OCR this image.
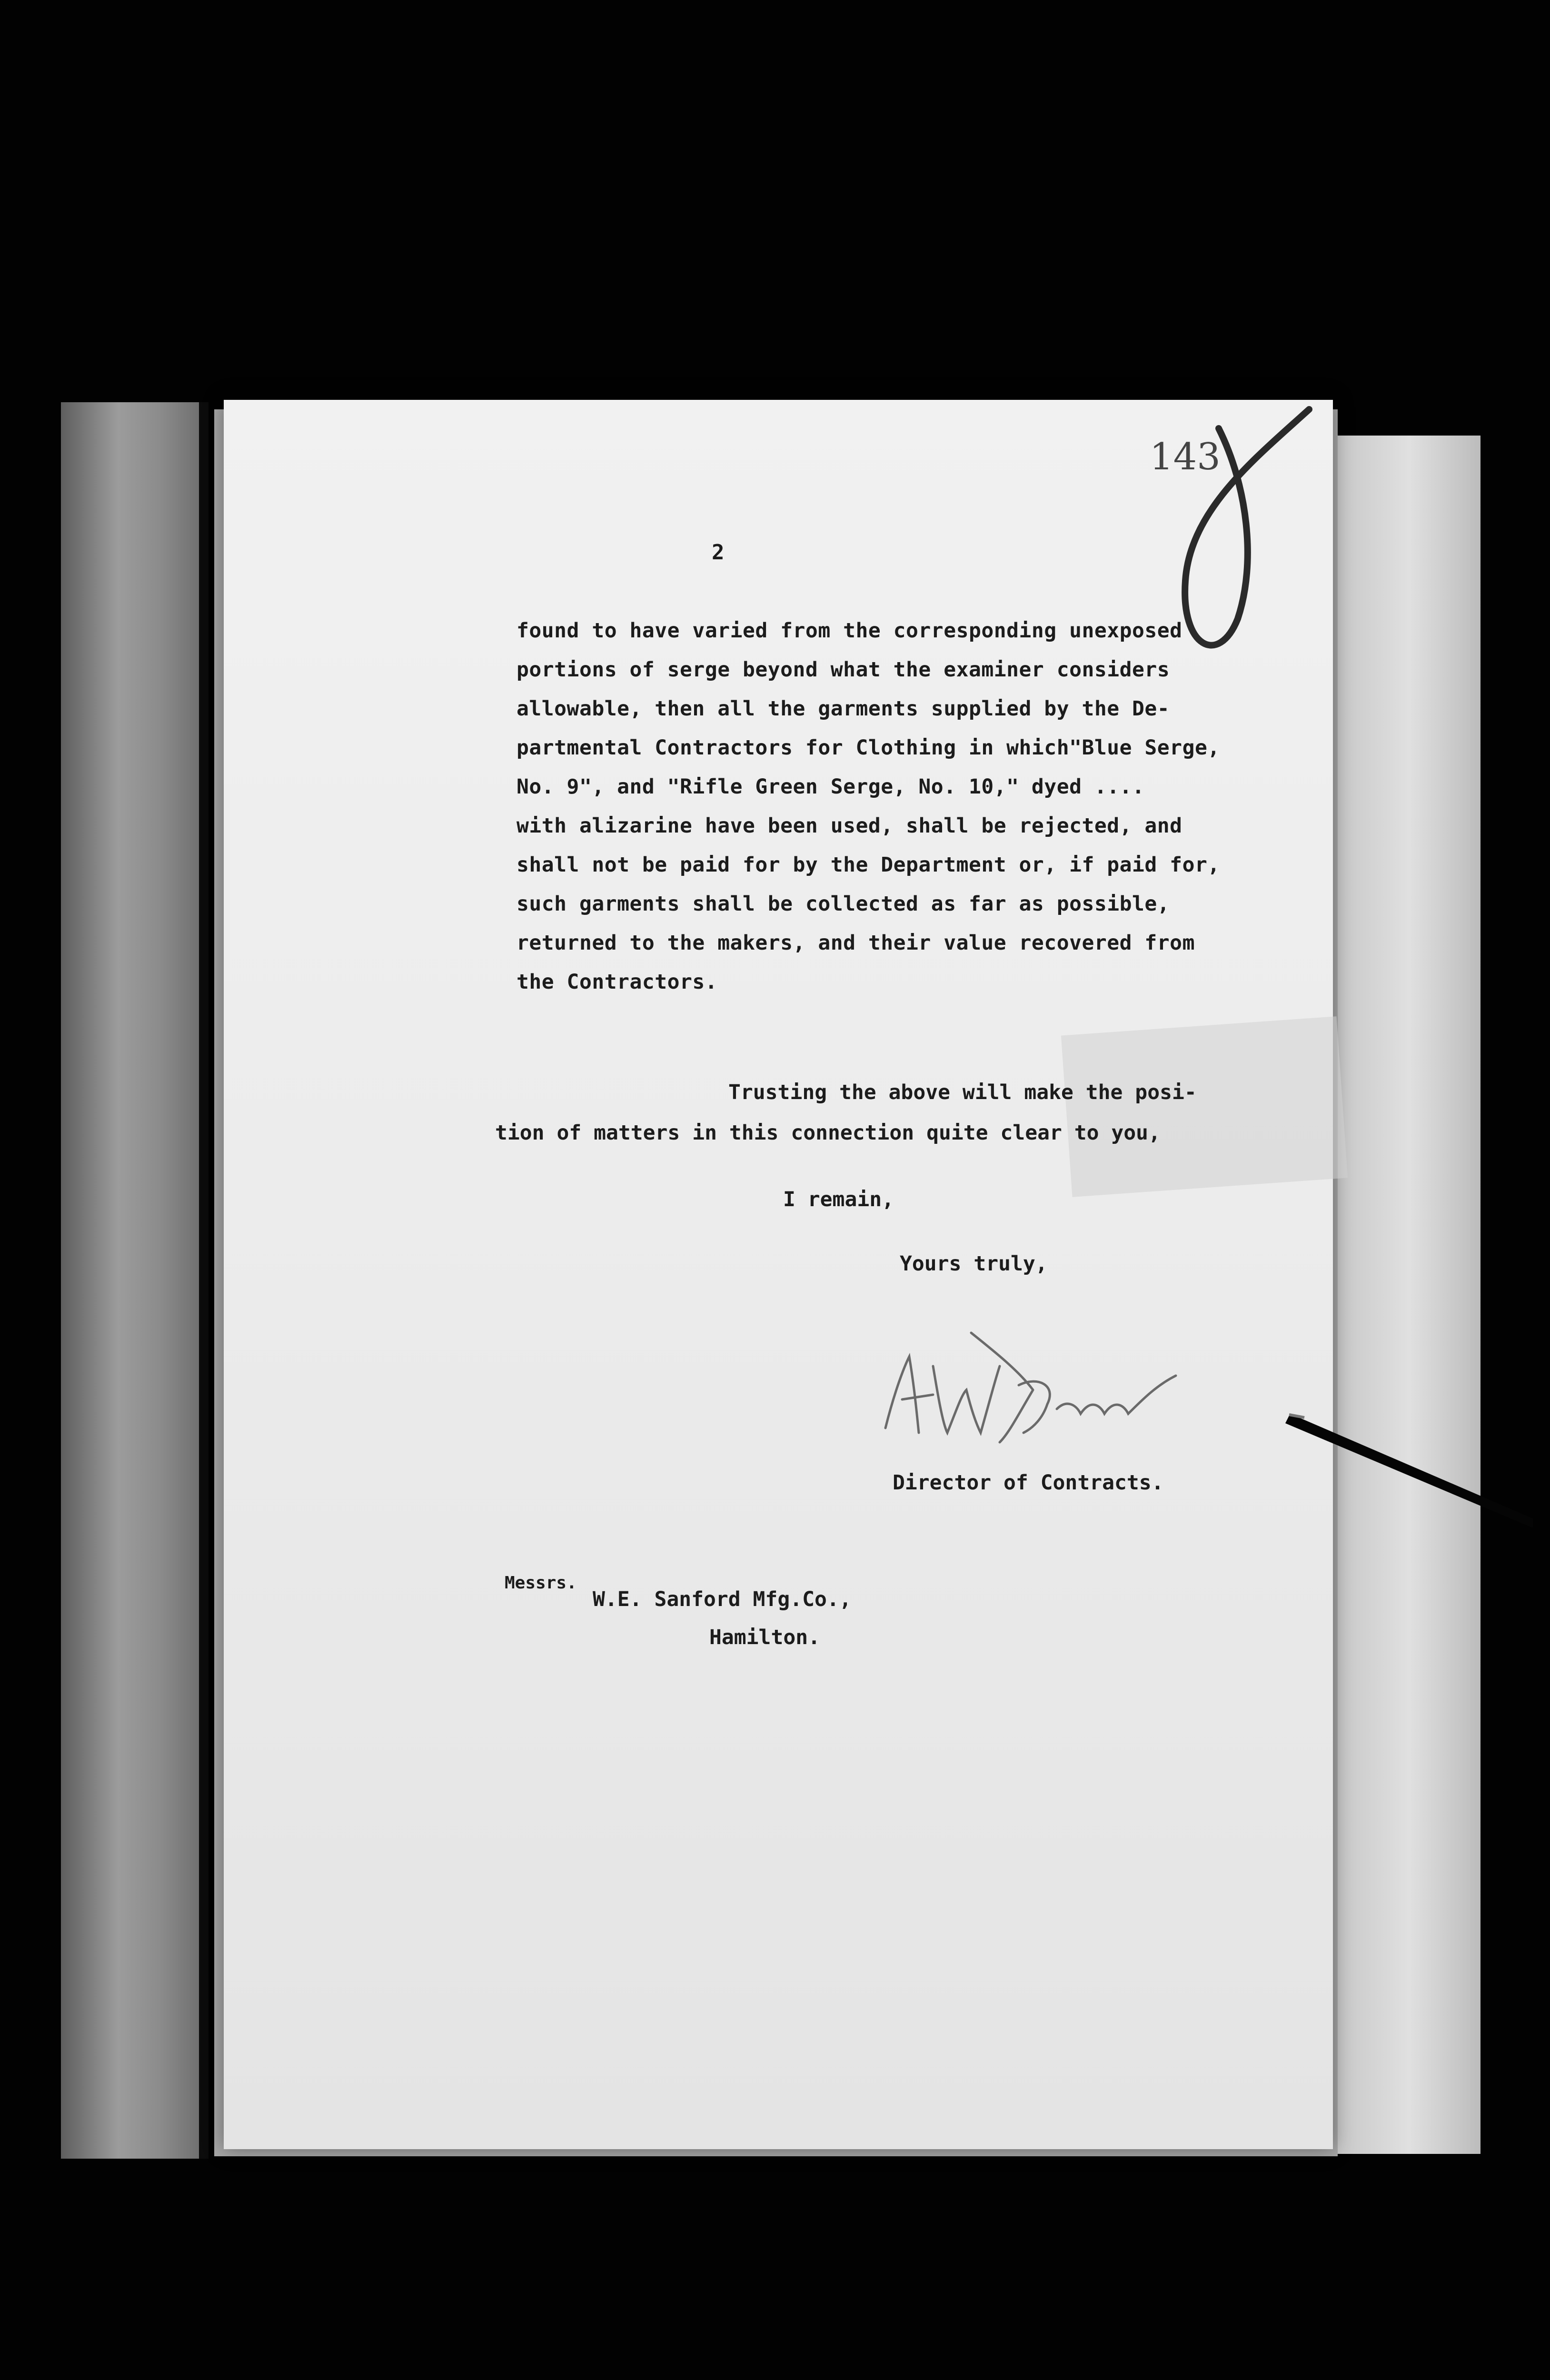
143
2
found to have varied from the corresponding unexposed
portions of serge beyond what the examiner considers
allowable, then all the garments supplied by the De-
partmental Contractors for Clothing in which"Blue Serge,
No. 9", and "Rifle Green Serge, No. 10," dyed ....
with alizarine have been used, shall be rejected, and
shall not be paid for by the Department or, if paid for,
such garments shall be collected as far as possible,
returned to the makers, and their value recovered from
the Contractors.
Trusting the above will make the posi-
tion of matters in this connection quite clear to you,
I remain,
Yours truly,
Director of Contracts.
Messrs.
W.E. Sanford Mfg.Co.,
Hamilton.
